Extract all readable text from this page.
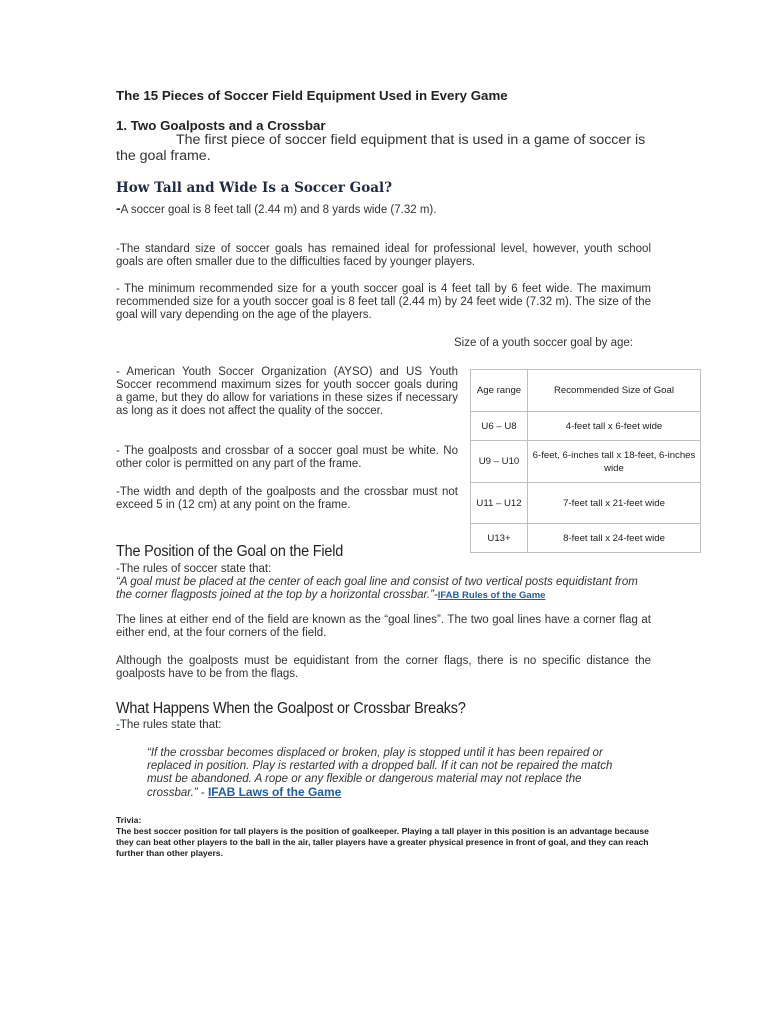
The 15 Pieces of Soccer Field Equipment Used in Every Game
1. Two Goalposts and a Crossbar
The first piece of soccer field equipment that is used in a game of soccer is the goal frame.
How Tall and Wide Is a Soccer Goal?
-A soccer goal is 8 feet tall (2.44 m) and 8 yards wide (7.32 m).
-The standard size of soccer goals has remained ideal for professional level, however, youth school goals are often smaller due to the difficulties faced by younger players.
- The minimum recommended size for a youth soccer goal is 4 feet tall by 6 feet wide. The maximum recommended size for a youth soccer goal is 8 feet tall (2.44 m) by 24 feet wide (7.32 m). The size of the goal will vary depending on the age of the players.
Size of a youth soccer goal by age:
- American Youth Soccer Organization (AYSO) and US Youth Soccer recommend maximum sizes for youth soccer goals during a game, but they do allow for variations in these sizes if necessary as long as it does not affect the quality of the soccer.
- The goalposts and crossbar of a soccer goal must be white. No other color is permitted on any part of the frame.
-The width and depth of the goalposts and the crossbar must not exceed 5 in (12 cm) at any point on the frame.
Age range	Recommended Size of Goal
U6 – U8	4-feet tall x 6-feet wide
U9 – U10	6-feet, 6-inches tall x 18-feet, 6-inches wide
U11 – U12	7-feet tall x 21-feet wide
U13+	8-feet tall x 24-feet wide
The Position of the Goal on the Field
-The rules of soccer state that:
“A goal must be placed at the center of each goal line and consist of two vertical posts equidistant from the corner flagposts joined at the top by a horizontal crossbar.”-IFAB Rules of the Game
The lines at either end of the field are known as the “goal lines”. The two goal lines have a corner flag at either end, at the four corners of the field.
Although the goalposts must be equidistant from the corner flags, there is no specific distance the goalposts have to be from the flags.
What Happens When the Goalpost or Crossbar Breaks?
-The rules state that:
“If the crossbar becomes displaced or broken, play is stopped until it has been repaired or replaced in position. Play is restarted with a dropped ball. If it can not be repaired the match must be abandoned. A rope or any flexible or dangerous material may not replace the crossbar.” - IFAB Laws of the Game
Trivia:
The best soccer position for tall players is the position of goalkeeper. Playing a tall player in this position is an advantage because they can beat other players to the ball in the air, taller players have a greater physical presence in front of goal, and they can reach further than other players.
